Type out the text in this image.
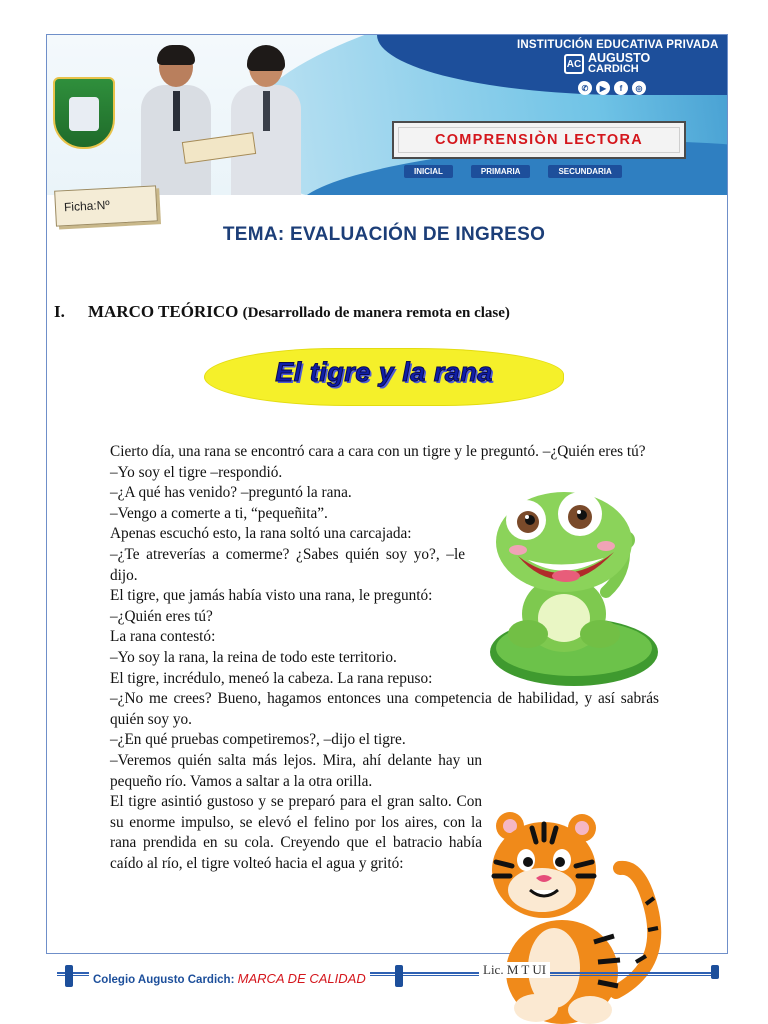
INSTITUCIÓN EDUCATIVA PRIVADA
AC AUGUSTO
CARDICH
✆	▶	f	◎
COMPRENSIÒN LECTORA
INICIAL	PRIMARIA	SECUNDARIA
Ficha:Nº
TEMA: EVALUACIÓN DE INGRESO
I. MARCO TEÓRICO (Desarrollado de manera remota en clase)
El tigre y la rana

Cierto día, una rana se encontró cara a cara con un tigre y le preguntó. –¿Quién eres tú?

–Yo soy el tigre –respondió.

–¿A qué has venido? –preguntó la rana.

–Vengo a comerte a ti, “pequeñita”.

Apenas escuchó esto, la rana soltó una carcajada:

–¿Te atreverías a comerme? ¿Sabes quién soy yo?, –le dijo.

El tigre, que jamás había visto una rana, le preguntó:

–¿Quién eres tú?

La rana contestó:

–Yo soy la rana, la reina de todo este territorio.

El tigre, incrédulo, meneó la cabeza. La rana repuso:

–¿No me crees? Bueno, hagamos entonces una competencia de habilidad, y así sabrás quién soy yo.

–¿En qué pruebas competiremos?, –dijo el tigre.

–Veremos quién salta más lejos. Mira, ahí delante hay un pequeño río. Vamos a saltar a la otra orilla.

El tigre asintió gustoso y se preparó para el gran salto. Con su enorme impulso, se elevó el felino por los aires, con la rana prendida en su cola. Creyendo que el batracio había caído al río, el tigre volteó hacia el agua y gritó:

Colegio Augusto Cardich: MARCA DE CALIDAD
Lic. M T UI
